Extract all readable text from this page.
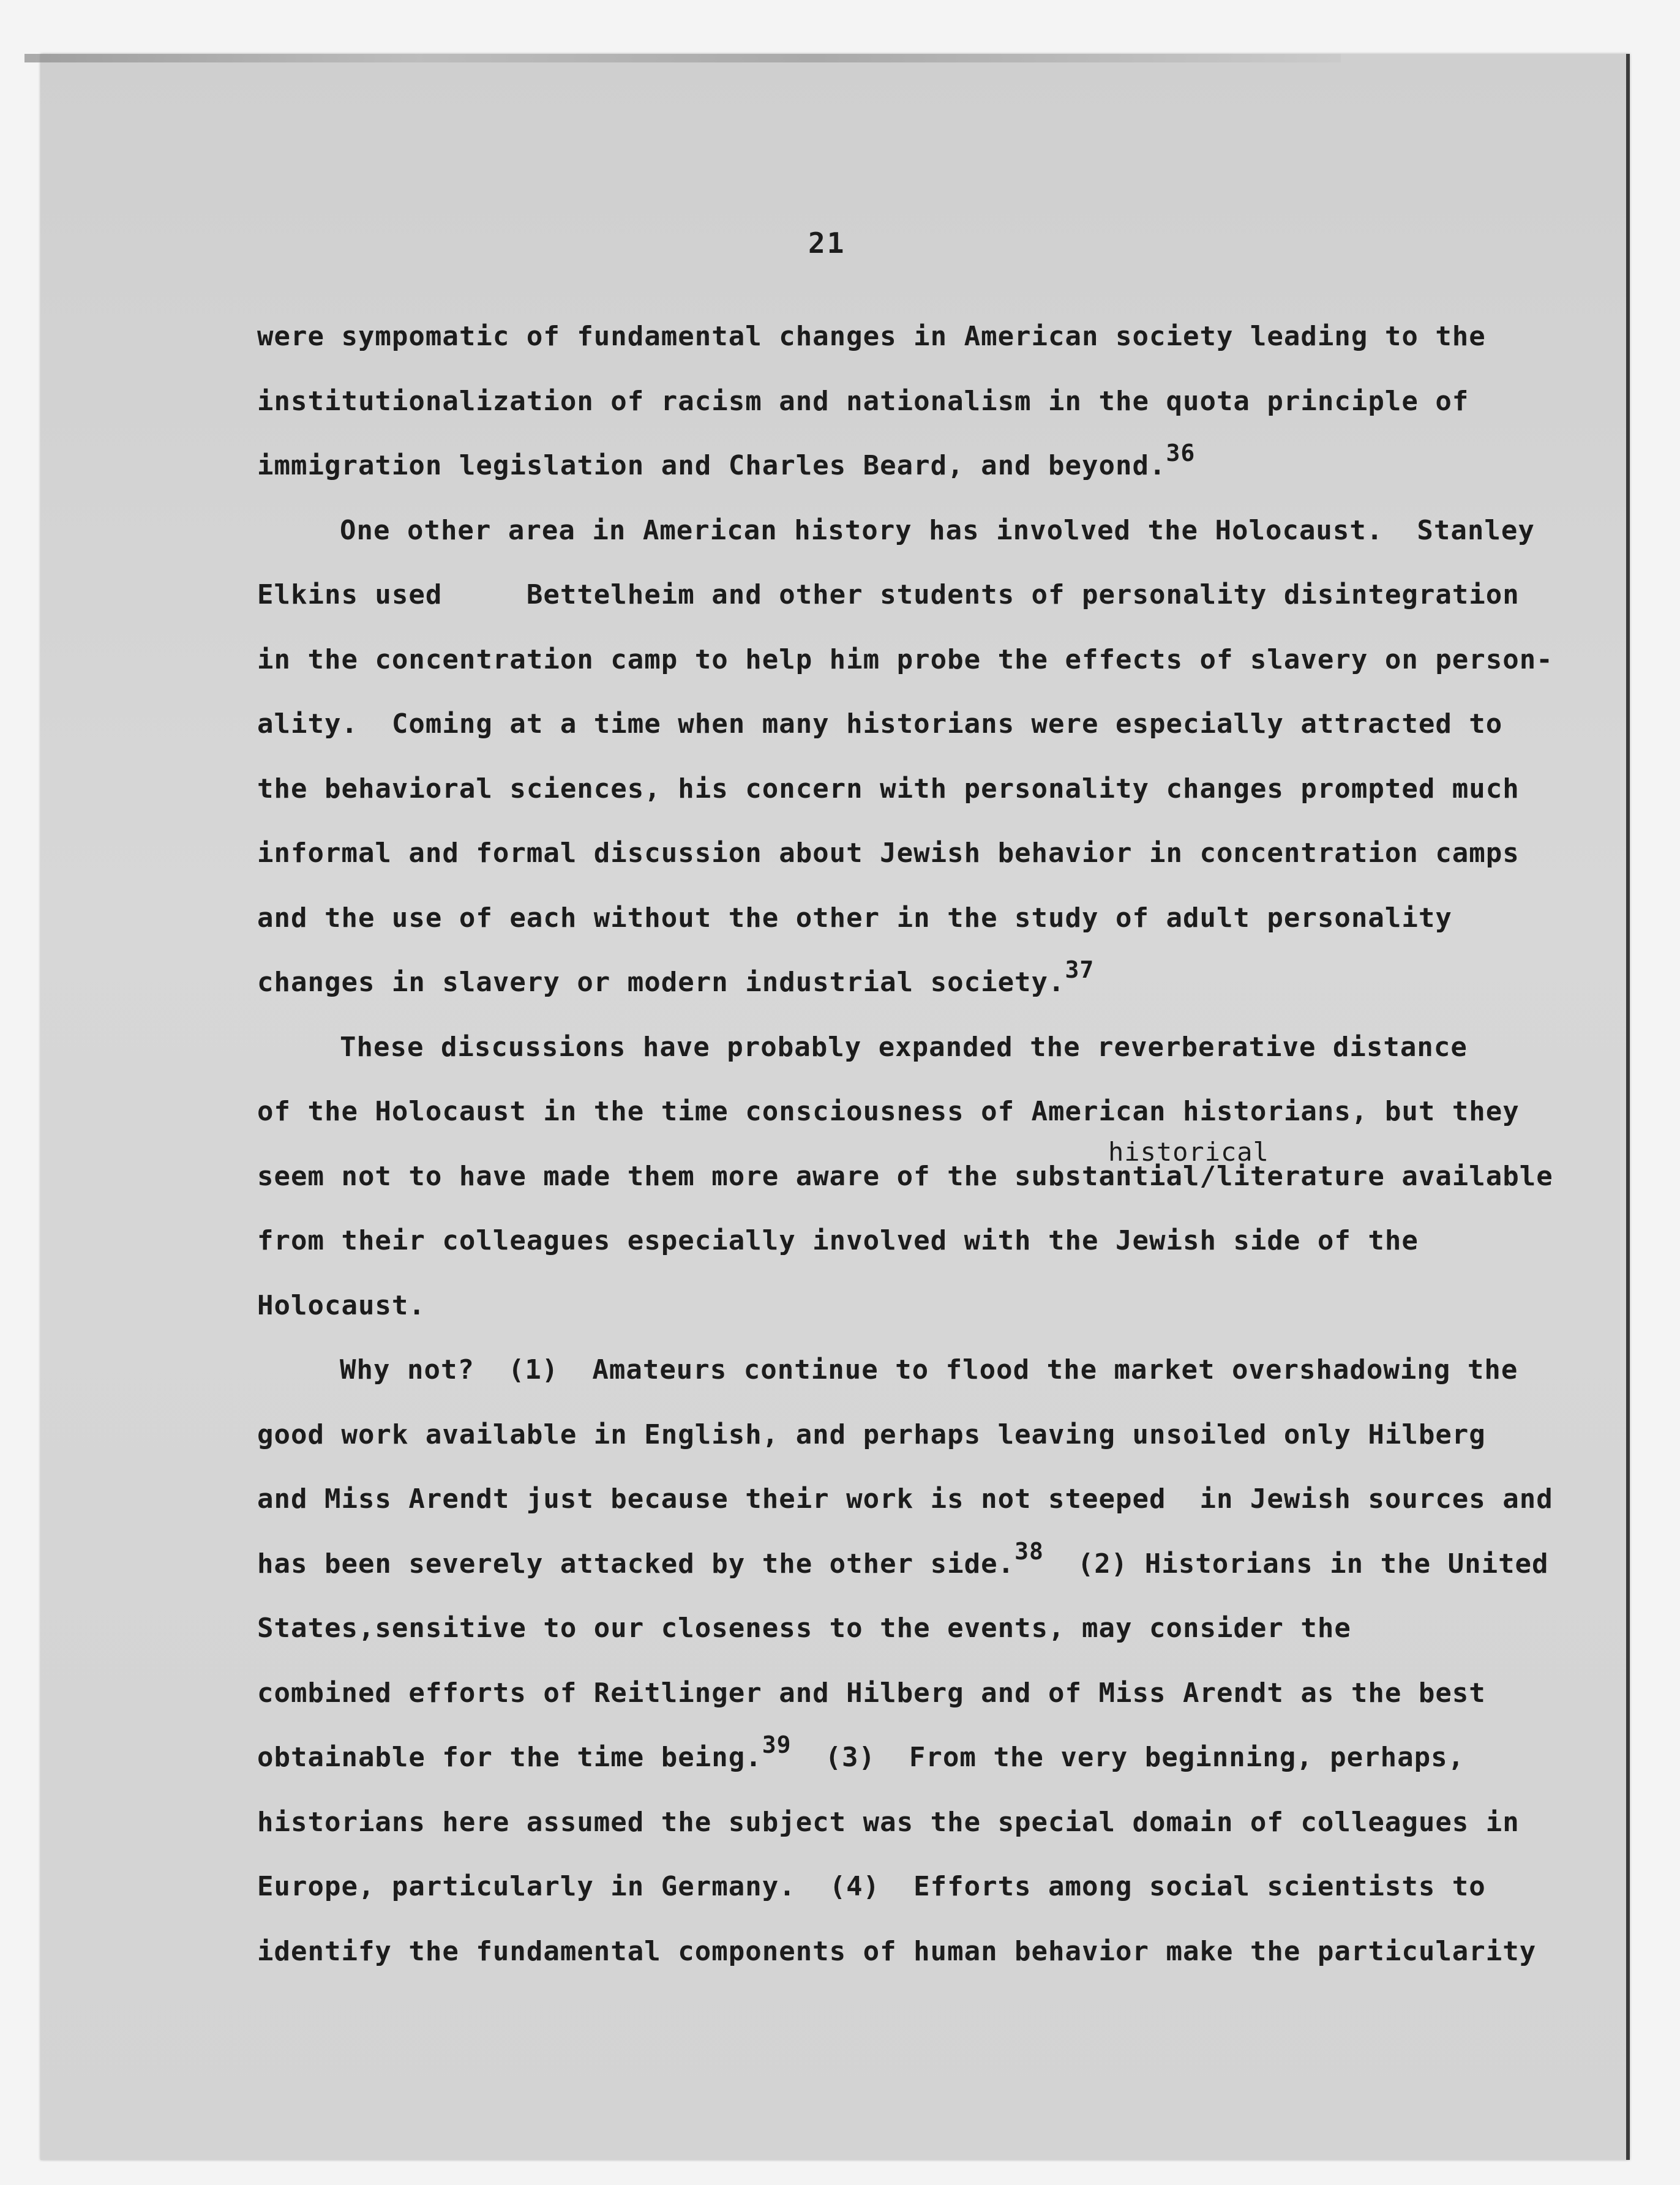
21
were sympomatic of fundamental changes in American society leading to the
institutionalization of racism and nationalism in the quota principle of
immigration legislation and Charles Beard, and beyond.$^{36}$
One other area in American history has involved the Holocaust.  Stanley
Elkins used     Bettelheim and other students of personality disintegration
in the concentration camp to help him probe the effects of slavery on person-
ality.  Coming at a time when many historians were especially attracted to
the behavioral sciences, his concern with personality changes prompted much
informal and formal discussion about Jewish behavior in concentration camps
and the use of each without the other in the study of adult personality
changes in slavery or modern industrial society.$^{37}$
These discussions have probably expanded the reverberative distance
of the Holocaust in the time consciousness of American historians, but they
historical
seem not to have made them more aware of the substantial/literature available
from their colleagues especially involved with the Jewish side of the
Holocaust.
Why not?  (1)  Amateurs continue to flood the market overshadowing the
good work available in English, and perhaps leaving unsoiled only Hilberg
and Miss Arendt just because their work is not steeped  in Jewish sources and
has been severely attacked by the other side.$^{38}$  (2) Historians in the United
States,sensitive to our closeness to the events, may consider the
combined efforts of Reitlinger and Hilberg and of Miss Arendt as the best
obtainable for the time being.$^{39}$  (3)  From the very beginning, perhaps,
historians here assumed the subject was the special domain of colleagues in
Europe, particularly in Germany.  (4)  Efforts among social scientists to
identify the fundamental components of human behavior make the particularity
